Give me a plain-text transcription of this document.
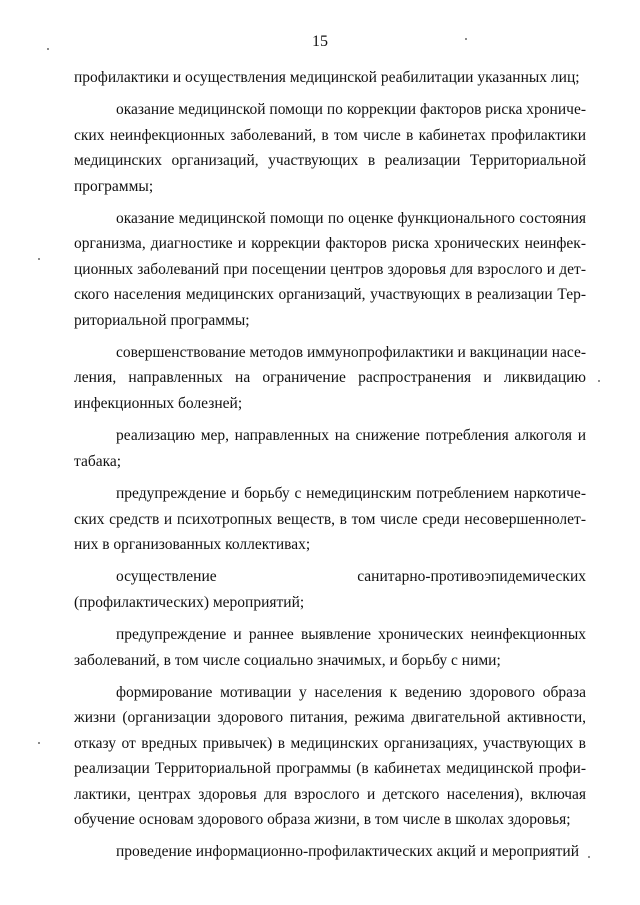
15

профилактики и осуществления медицинской реабилитации указанных лиц;

оказание медицинской помощи по коррекции факторов риска хронических неинфекционных заболеваний, в том числе в кабинетах профилактики медицинских организаций, участвующих в реализации Территориальной программы;

оказание медицинской помощи по оценке функционального состояния организма, диагностике и коррекции факторов риска хронических неинфекционных заболеваний при посещении центров здоровья для взрослого и детского населения медицинских организаций, участвующих в реализации Территориальной программы;

совершенствование методов иммунопрофилактики и вакцинации населения, направленных на ограничение распространения и ликвидацию инфекционных болезней;

реализацию мер, направленных на снижение потребления алкоголя и табака;

предупреждение и борьбу с немедицинским потреблением наркотических средств и психотропных веществ, в том числе среди несовершеннолетних в организованных коллективах;

осуществление санитарно-противоэпидемических (профилактических) мероприятий;

предупреждение и раннее выявление хронических неинфекционных заболеваний, в том числе социально значимых, и борьбу с ними;

формирование мотивации у населения к ведению здорового образа жизни (организации здорового питания, режима двигательной активности, отказу от вредных привычек) в медицинских организациях, участвующих в реализации Территориальной программы (в кабинетах медицинской профилактики, центрах здоровья для взрослого и детского населения), включая обучение основам здорового образа жизни, в том числе в школах здоровья;

проведение информационно-профилактических акций и мероприятий
